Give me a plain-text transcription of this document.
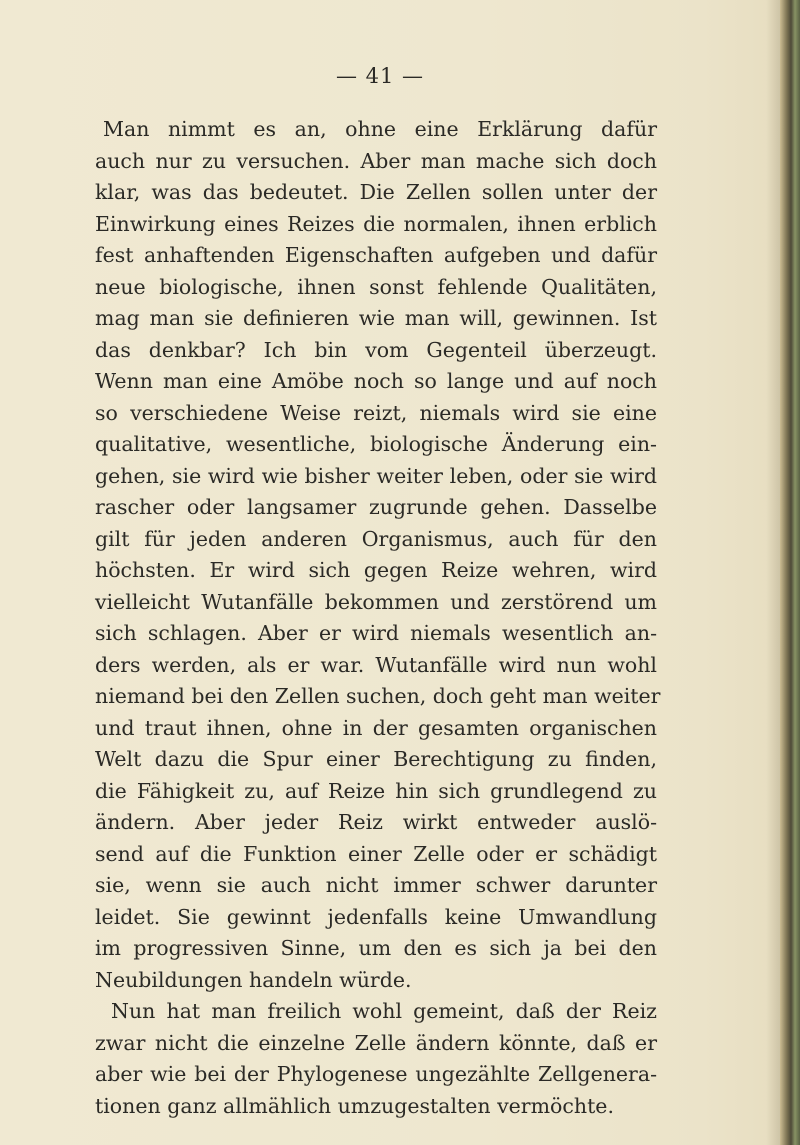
— 41 —
Man nimmt es an, ohne eine Erklärung dafür
auch nur zu versuchen. Aber man mache sich doch
klar, was das bedeutet. Die Zellen sollen unter der
Einwirkung eines Reizes die normalen, ihnen erblich
fest anhaftenden Eigenschaften aufgeben und dafür
neue biologische, ihnen sonst fehlende Qualitäten,
mag man sie definieren wie man will, gewinnen. Ist
das denkbar? Ich bin vom Gegenteil überzeugt.
Wenn man eine Amöbe noch so lange und auf noch
so verschiedene Weise reizt, niemals wird sie eine
qualitative, wesentliche, biologische Änderung ein-
gehen, sie wird wie bisher weiter leben, oder sie wird
rascher oder langsamer zugrunde gehen. Dasselbe
gilt für jeden anderen Organismus, auch für den
höchsten. Er wird sich gegen Reize wehren, wird
vielleicht Wutanfälle bekommen und zerstörend um
sich schlagen. Aber er wird niemals wesentlich an-
ders werden, als er war. Wutanfälle wird nun wohl
niemand bei den Zellen suchen, doch geht man weiter
und traut ihnen, ohne in der gesamten organischen
Welt dazu die Spur einer Berechtigung zu finden,
die Fähigkeit zu, auf Reize hin sich grundlegend zu
ändern. Aber jeder Reiz wirkt entweder auslö-
send auf die Funktion einer Zelle oder er schädigt
sie, wenn sie auch nicht immer schwer darunter
leidet. Sie gewinnt jedenfalls keine Umwandlung
im progressiven Sinne, um den es sich ja bei den
Neubildungen handeln würde.
Nun hat man freilich wohl gemeint, daß der Reiz
zwar nicht die einzelne Zelle ändern könnte, daß er
aber wie bei der Phylogenese ungezählte Zellgenera-
tionen ganz allmählich umzugestalten vermöchte.
